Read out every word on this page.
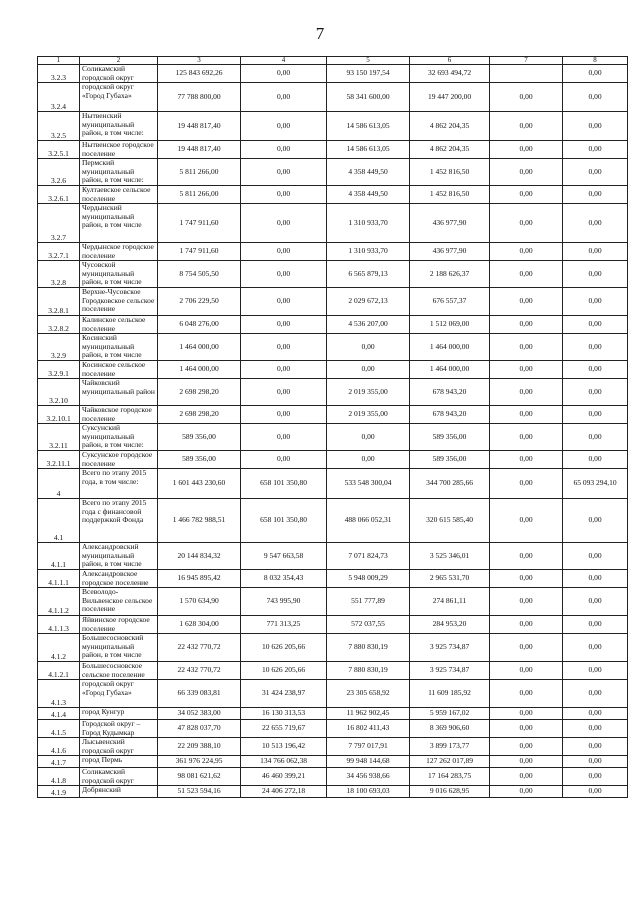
7
1	2	3	4	5	6	7	8
3.2.3	Соликамский городской округ	125 843 692,26	0,00	93 150 197,54	32 693 494,72		0,00
3.2.4	городской округ «Город Губаха»	77 788 800,00	0,00	58 341 600,00	19 447 200,00	0,00	0,00
3.2.5	Нытвенский муниципальный район, в том числе:	19 448 817,40	0,00	14 586 613,05	4 862 204,35	0,00	0,00
3.2.5.1	Нытвенское городское поселение	19 448 817,40	0,00	14 586 613,05	4 862 204,35	0,00	0,00
3.2.6	Пермский муниципальный район, в том числе:	5 811 266,00	0,00	4 358 449,50	1 452 816,50	0,00	0,00
3.2.6.1	Култаевское сельское поселение	5 811 266,00	0,00	4 358 449,50	1 452 816,50	0,00	0,00
3.2.7	Чердынский муниципальный район, в том числе	1 747 911,60	0,00	1 310 933,70	436 977,90	0,00	0,00
3.2.7.1	Чердынское городское поселение	1 747 911,60	0,00	1 310 933,70	436 977,90	0,00	0,00
3.2.8	Чусовской муниципальный район, в том числе	8 754 505,50	0,00	6 565 879,13	2 188 626,37	0,00	0,00
3.2.8.1	Верхне-Чусовское Городковское сельское поселение	2 706 229,50	0,00	2 029 672,13	676 557,37	0,00	0,00
3.2.8.2	Калинское сельское поселение	6 048 276,00	0,00	4 536 207,00	1 512 069,00	0,00	0,00
3.2.9	Косинский муниципальный район, в том числе	1 464 000,00	0,00	0,00	1 464 000,00	0,00	0,00
3.2.9.1	Косинское сельское поселение	1 464 000,00	0,00	0,00	1 464 000,00	0,00	0,00
3.2.10	Чайковский муниципальный район	2 698 298,20	0,00	2 019 355,00	678 943,20	0,00	0,00
3.2.10.1	Чайковское городское поселение	2 698 298,20	0,00	2 019 355,00	678 943,20	0,00	0,00
3.2.11	Суксунский муниципальный район, в том числе:	589 356,00	0,00	0,00	589 356,00	0,00	0,00
3.2.11.1	Суксунское городское поселение	589 356,00	0,00	0,00	589 356,00	0,00	0,00
4	Всего по этапу 2015 года, в том числе:	1 601 443 230,60	658 101 350,80	533 548 300,04	344 700 285,66	0,00	65 093 294,10
4.1	Всего по этапу 2015 года с финансовой поддержкой Фонда	1 466 782 988,51	658 101 350,80	488 066 052,31	320 615 585,40	0,00	0,00
4.1.1	Александровский муниципальный район, в том числе	20 144 834,32	9 547 663,58	7 071 824,73	3 525 346,01	0,00	0,00
4.1.1.1	Александровское городское поселение	16 945 895,42	8 032 354,43	5 948 009,29	2 965 531,70	0,00	0,00
4.1.1.2	Всеволодо-Вильвенское сельское поселение	1 570 634,90	743 995,90	551 777,89	274 861,11	0,00	0,00
4.1.1.3	Яйвинское городское поселение	1 628 304,00	771 313,25	572 037,55	284 953,20	0,00	0,00
4.1.2	Большесосновский муниципальный район, в том числе	22 432 770,72	10 626 205,66	7 880 830,19	3 925 734,87	0,00	0,00
4.1.2.1	Большесосновское сельское поселение	22 432 770,72	10 626 205,66	7 880 830,19	3 925 734,87	0,00	0,00
4.1.3	городской округ «Город Губаха»	66 339 083,81	31 424 238,97	23 305 658,92	11 609 185,92	0,00	0,00
4.1.4	город Кунгур	34 052 383,00	16 130 313,53	11 962 902,45	5 959 167,02	0,00	0,00
4.1.5	Городской округ – Город Кудымкар	47 828 037,70	22 655 719,67	16 802 411,43	8 369 906,60	0,00	0,00
4.1.6	Лысьвенский городской округ	22 209 388,10	10 513 196,42	7 797 017,91	3 899 173,77	0,00	0,00
4.1.7	город Пермь	361 976 224,95	134 766 062,38	99 948 144,68	127 262 017,89	0,00	0,00
4.1.8	Соликамский городской округ	98 081 621,62	46 460 399,21	34 456 938,66	17 164 283,75	0,00	0,00
4.1.9	Добрянский	51 523 594,16	24 406 272,18	18 100 693,03	9 016 628,95	0,00	0,00
